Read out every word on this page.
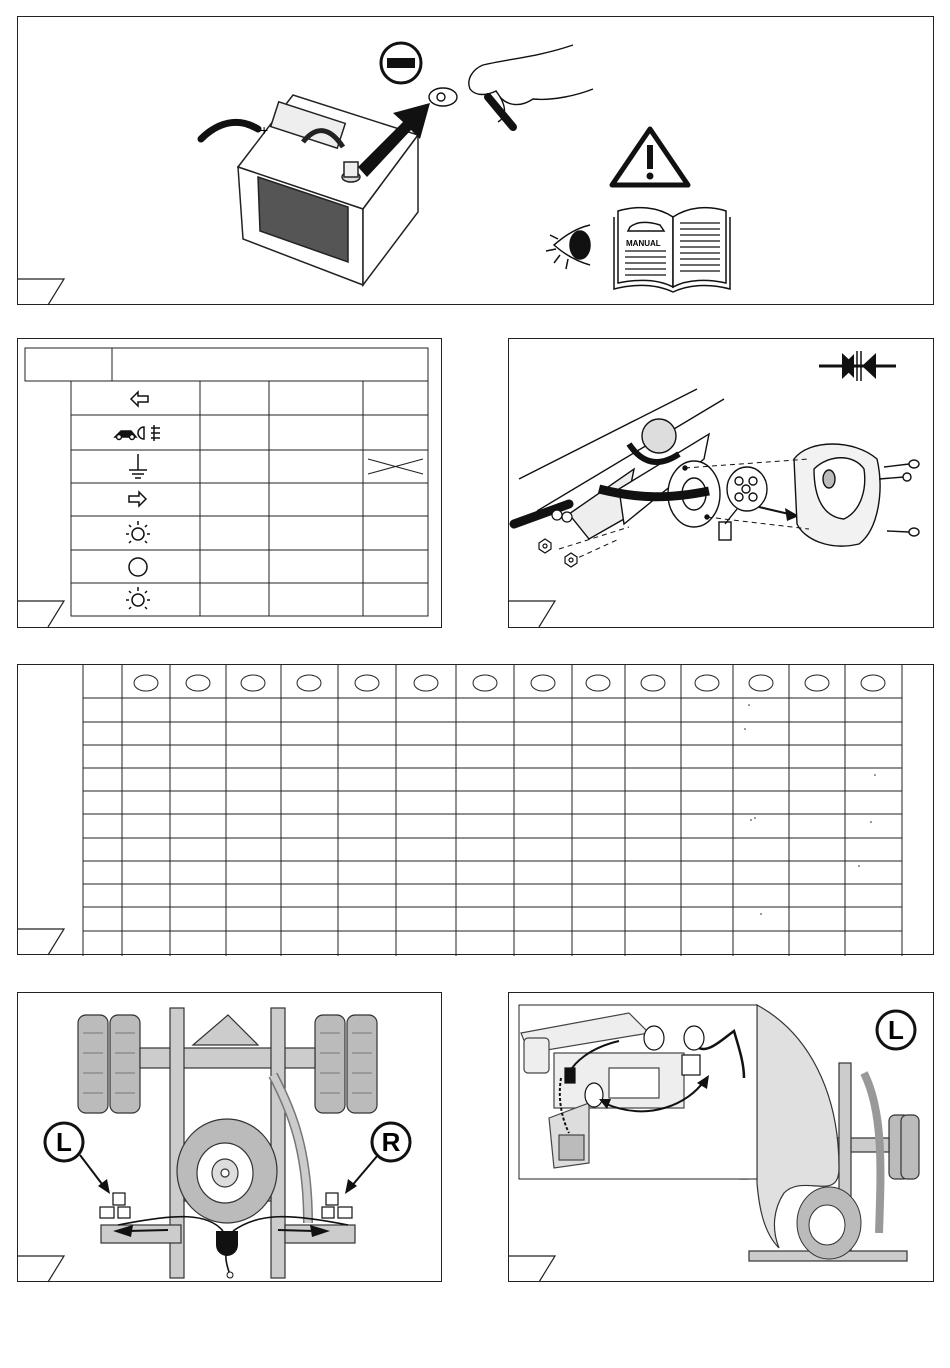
+
MANUAL
L	R
L
